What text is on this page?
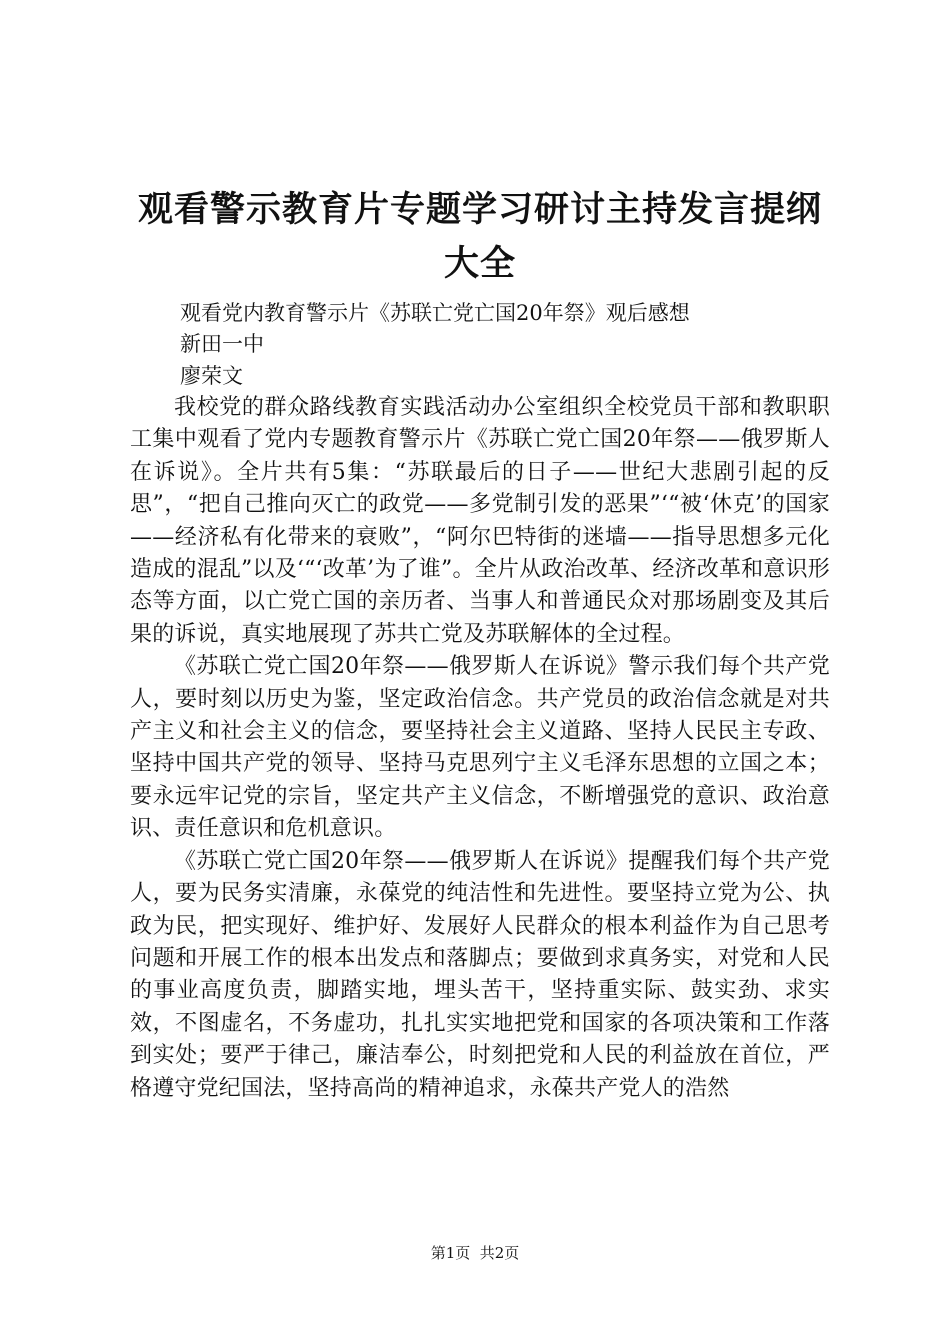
观看警示教育片专题学习研讨主持发言提纲大全
观看党内教育警示片《苏联亡党亡国20年祭》观后感想
新田一中
廖荣文

我校党的群众路线教育实践活动办公室组织全校党员干部和教职职工集中观看了党内专题教育警示片《苏联亡党亡国20年祭——俄罗斯人在诉说》。全片共有5集：“苏联最后的日子——世纪大悲剧引起的反思”，“把自己推向灭亡的政党——多党制引发的恶果”‘“被‘休克’的国家——经济私有化带来的衰败”，“阿尔巴特街的迷墙——指导思想多元化造成的混乱”以及‘“‘改革’为了谁”。全片从政治改革、经济改革和意识形态等方面，以亡党亡国的亲历者、当事人和普通民众对那场剧变及其后果的诉说，真实地展现了苏共亡党及苏联解体的全过程。

《苏联亡党亡国20年祭——俄罗斯人在诉说》警示我们每个共产党人，要时刻以历史为鉴，坚定政治信念。共产党员的政治信念就是对共产主义和社会主义的信念，要坚持社会主义道路、坚持人民民主专政、坚持中国共产党的领导、坚持马克思列宁主义毛泽东思想的立国之本；要永远牢记党的宗旨，坚定共产主义信念，不断增强党的意识、政治意识、责任意识和危机意识。

《苏联亡党亡国20年祭——俄罗斯人在诉说》提醒我们每个共产党人，要为民务实清廉，永葆党的纯洁性和先进性。要坚持立党为公、执政为民，把实现好、维护好、发展好人民群众的根本利益作为自己思考问题和开展工作的根本出发点和落脚点；要做到求真务实，对党和人民的事业高度负责，脚踏实地，埋头苦干，坚持重实际、鼓实劲、求实效，不图虚名，不务虚功，扎扎实实地把党和国家的各项决策和工作落到实处；要严于律己，廉洁奉公，时刻把党和人民的利益放在首位，严格遵守党纪国法，坚持高尚的精神追求，永葆共产党人的浩然

第1页  共2页
